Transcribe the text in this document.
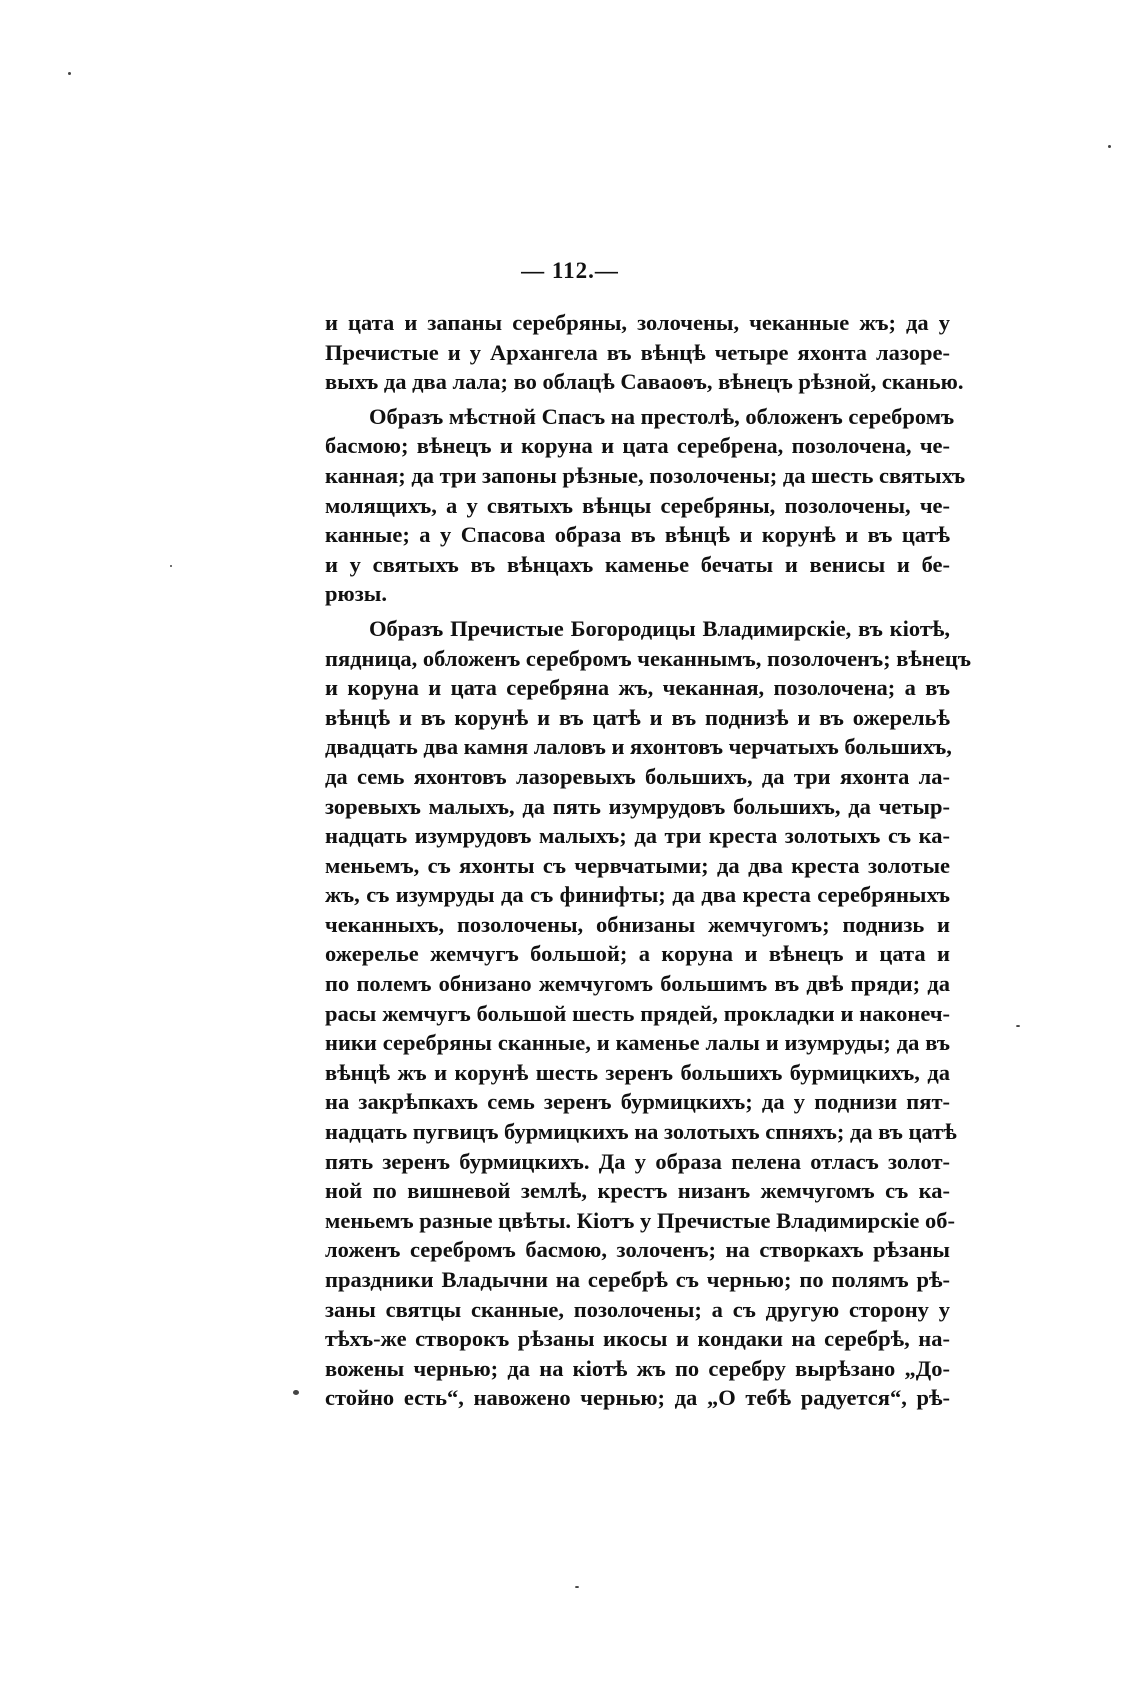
— 112.—
и цата и запаны серебряны, золочены, чеканные жъ; да у
Пречистые и у Архангела въ вѣнцѣ четыре яхонта лазоре-
выхъ да два лала; во облацѣ Саваоѳъ, вѣнецъ рѣзной, сканью.
Образъ мѣстной Спасъ на престолѣ, обложенъ серебромъ
басмою; вѣнецъ и коруна и цата серебрена, позолочена, че-
канная; да три запоны рѣзные, позолочены; да шесть святыхъ
молящихъ, а у святыхъ вѣнцы серебряны, позолочены, че-
канные; а у Спасова образа въ вѣнцѣ и корунѣ и въ цатѣ
и у святыхъ въ вѣнцахъ каменье бечаты и венисы и бе-
рюзы.
Образъ Пречистые Богородицы Владимирскіе, въ кіотѣ,
пядница, обложенъ серебромъ чеканнымъ, позолоченъ; вѣнецъ
и коруна и цата серебряна жъ, чеканная, позолочена; а въ
вѣнцѣ и въ корунѣ и въ цатѣ и въ поднизѣ и въ ожерельѣ
двадцать два камня лаловъ и яхонтовъ черчатыхъ большихъ,
да семь яхонтовъ лазоревыхъ большихъ, да три яхонта ла-
зоревыхъ малыхъ, да пять изумрудовъ большихъ, да четыр-
надцать изумрудовъ малыхъ; да три креста золотыхъ съ ка-
меньемъ, съ яхонты съ червчатыми; да два креста золотые
жъ, съ изумруды да съ финифты; да два креста серебряныхъ
чеканныхъ, позолочены, обнизаны жемчугомъ; поднизь и
ожерелье жемчугъ большой; а коруна и вѣнецъ и цата и
по полемъ обнизано жемчугомъ большимъ въ двѣ пряди; да
расы жемчугъ большой шесть прядей, прокладки и наконеч-
ники серебряны сканные, и каменье лалы и изумруды; да въ
вѣнцѣ жъ и корунѣ шесть зеренъ большихъ бурмицкихъ, да
на закрѣпкахъ семь зеренъ бурмицкихъ; да у поднизи пят-
надцать пугвицъ бурмицкихъ на золотыхъ спняхъ; да въ цатѣ
пять зеренъ бурмицкихъ. Да у образа пелена отласъ золот-
ной по вишневой землѣ, крестъ низанъ жемчугомъ съ ка-
меньемъ разные цвѣты. Кіотъ у Пречистые Владимирскіе об-
ложенъ серебромъ басмою, золоченъ; на створкахъ рѣзаны
праздники Владычни на серебрѣ съ чернью; по полямъ рѣ-
заны святцы сканные, позолочены; а съ другую сторону у
тѣхъ-же створокъ рѣзаны икосы и кондаки на серебрѣ, на-
вожены чернью; да на кіотѣ жъ по серебру вырѣзано „До-
стойно есть“, навожено чернью; да „О тебѣ радуется“, рѣ-
